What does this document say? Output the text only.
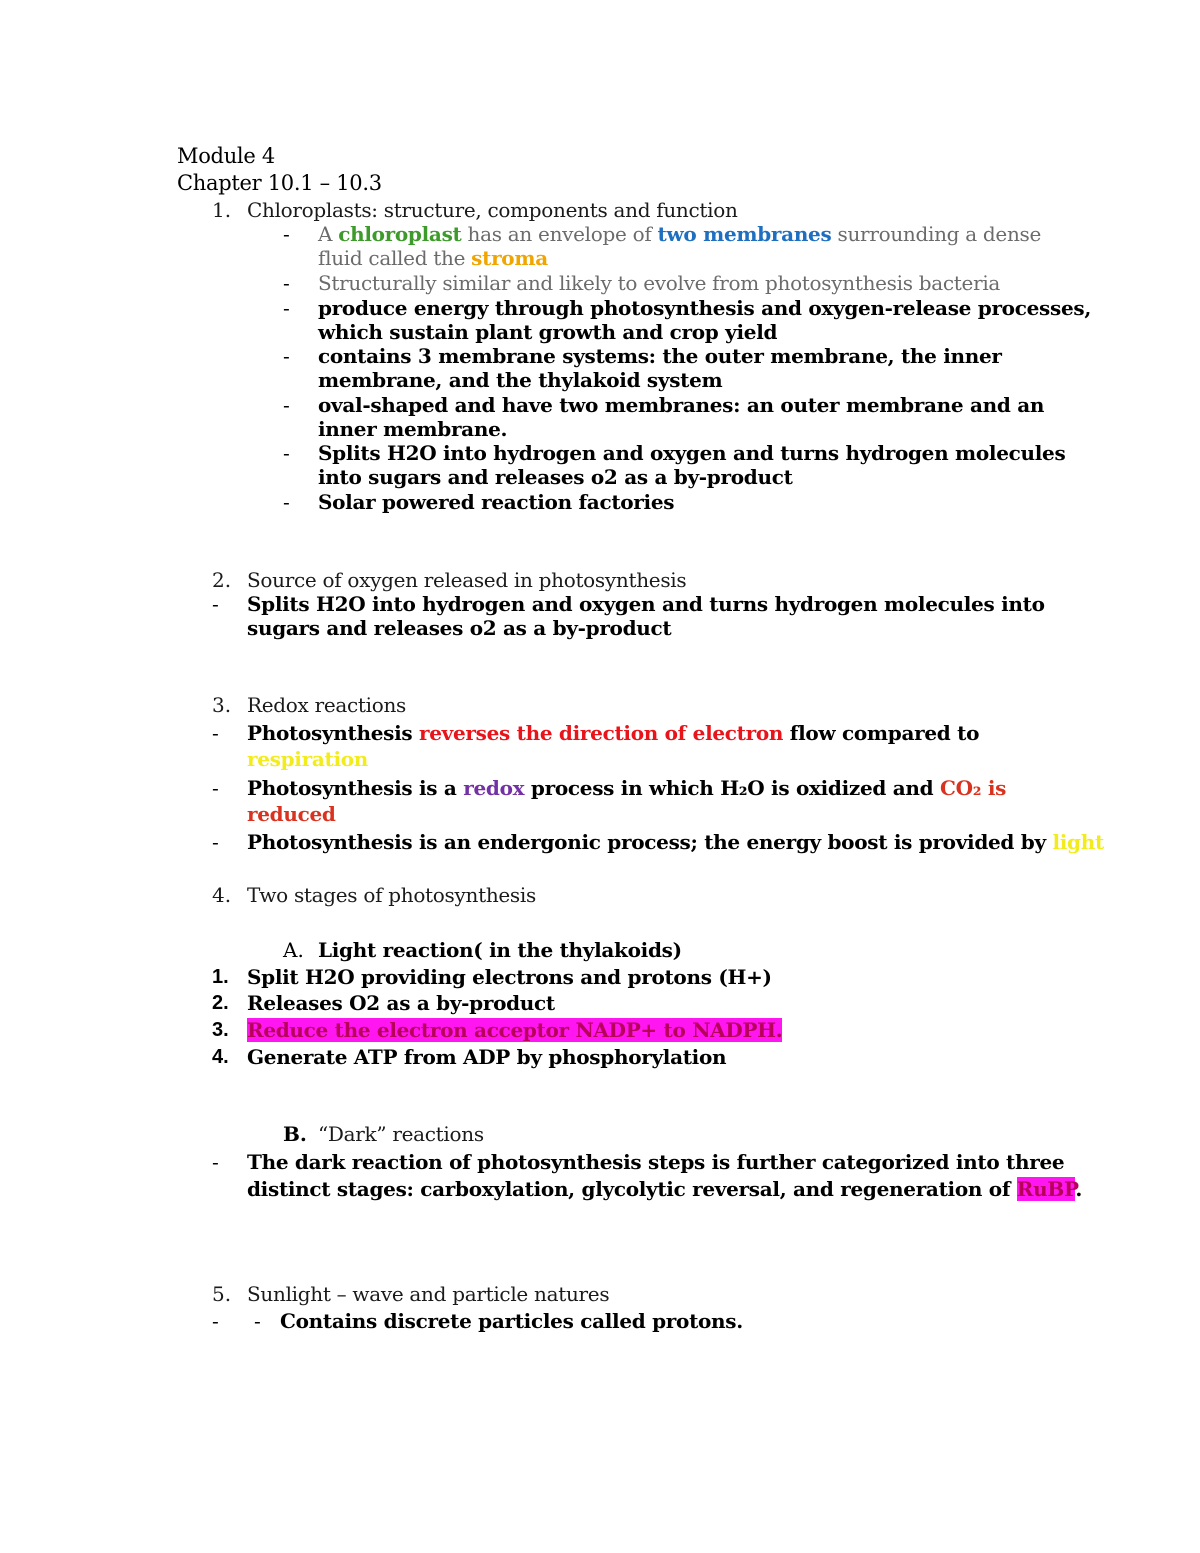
Module 4
Chapter 10.1 – 10.3
1. Chloroplasts: structure, components and function
- A chloroplast has an envelope of two membranes surrounding a dense
fluid called the stroma
- Structurally similar and likely to evolve from photosynthesis bacteria
- produce energy through photosynthesis and oxygen-release processes,
which sustain plant growth and crop yield
- contains 3 membrane systems: the outer membrane, the inner
membrane, and the thylakoid system
- oval-shaped and have two membranes: an outer membrane and an
inner membrane.
- Splits H2O into hydrogen and oxygen and turns hydrogen molecules
into sugars and releases o2 as a by-product
- Solar powered reaction factories
2. Source of oxygen released in photosynthesis
- Splits H2O into hydrogen and oxygen and turns hydrogen molecules into
sugars and releases o2 as a by-product
3. Redox reactions
- Photosynthesis reverses the direction of electron flow compared to
respiration
- Photosynthesis is a redox process in which H₂O is oxidized and CO₂ is
reduced
- Photosynthesis is an endergonic process; the energy boost is provided by light
4. Two stages of photosynthesis
A. Light reaction( in the thylakoids)
1. Split H2O providing electrons and protons (H+)
2. Releases O2 as a by-product
3. Reduce the electron acceptor NADP+ to NADPH.
4. Generate ATP from ADP by phosphorylation
B. “Dark” reactions
- The dark reaction of photosynthesis steps is further categorized into three
distinct stages: carboxylation, glycolytic reversal, and regeneration of RuBP.
5. Sunlight – wave and particle natures
- - Contains discrete particles called protons.
